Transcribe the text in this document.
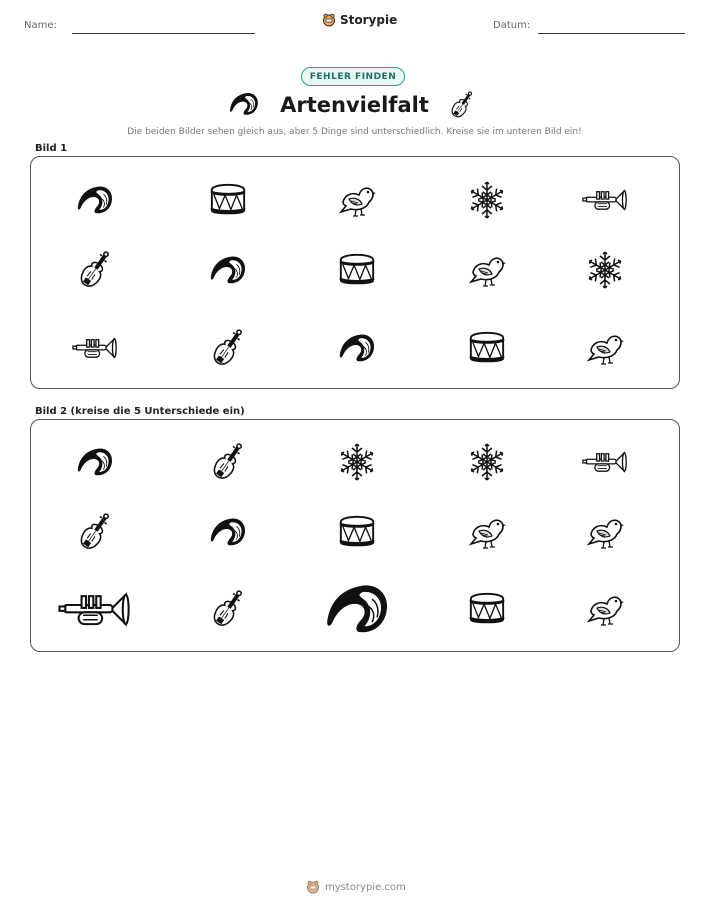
Name:	Storypie	Datum:
FEHLER FINDEN
Artenvielfalt
Die beiden Bilder sehen gleich aus, aber 5 Dinge sind unterschiedlich. Kreise sie im unteren Bild ein!
Bild 1
Bild 2 (kreise die 5 Unterschiede ein)
mystorypie.com
